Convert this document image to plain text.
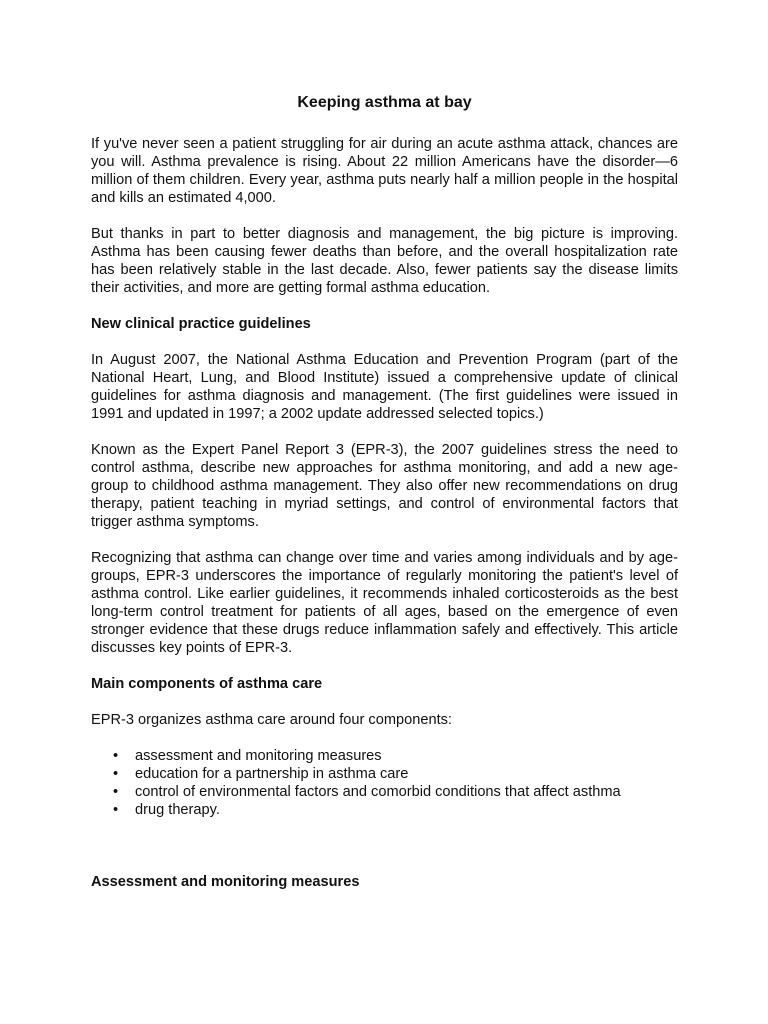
Keeping asthma at bay

If yu've never seen a patient struggling for air during an acute asthma attack, chances are you will. Asthma prevalence is rising. About 22 million Americans have the disorder—6 million of them children. Every year, asthma puts nearly half a million people in the hospital and kills an estimated 4,000.

But thanks in part to better diagnosis and management, the big picture is improving. Asthma has been causing fewer deaths than before, and the overall hospitalization rate has been relatively stable in the last decade. Also, fewer patients say the disease limits their activities, and more are getting formal asthma education.

New clinical practice guidelines

In August 2007, the National Asthma Education and Prevention Program (part of the National Heart, Lung, and Blood Institute) issued a comprehensive update of clinical guidelines for asthma diagnosis and management. (The first guidelines were issued in 1991 and updated in 1997; a 2002 update addressed selected topics.)

Known as the Expert Panel Report 3 (EPR-3), the 2007 guidelines stress the need to control asthma, describe new approaches for asthma monitoring, and add a new age-group to childhood asthma management. They also offer new recommendations on drug therapy, patient teaching in myriad settings, and control of environmental factors that trigger asthma symptoms.

Recognizing that asthma can change over time and varies among individuals and by age-groups, EPR-3 underscores the importance of regularly monitoring the patient's level of asthma control. Like earlier guidelines, it recommends inhaled corticosteroids as the best long-term control treatment for patients of all ages, based on the emergence of even stronger evidence that these drugs reduce inflammation safely and effectively. This article discusses key points of EPR-3.

Main components of asthma care

EPR-3 organizes asthma care around four components:

• assessment and monitoring measures
• education for a partnership in asthma care
• control of environmental factors and comorbid conditions that affect asthma
• drug therapy.
Assessment and monitoring measures
